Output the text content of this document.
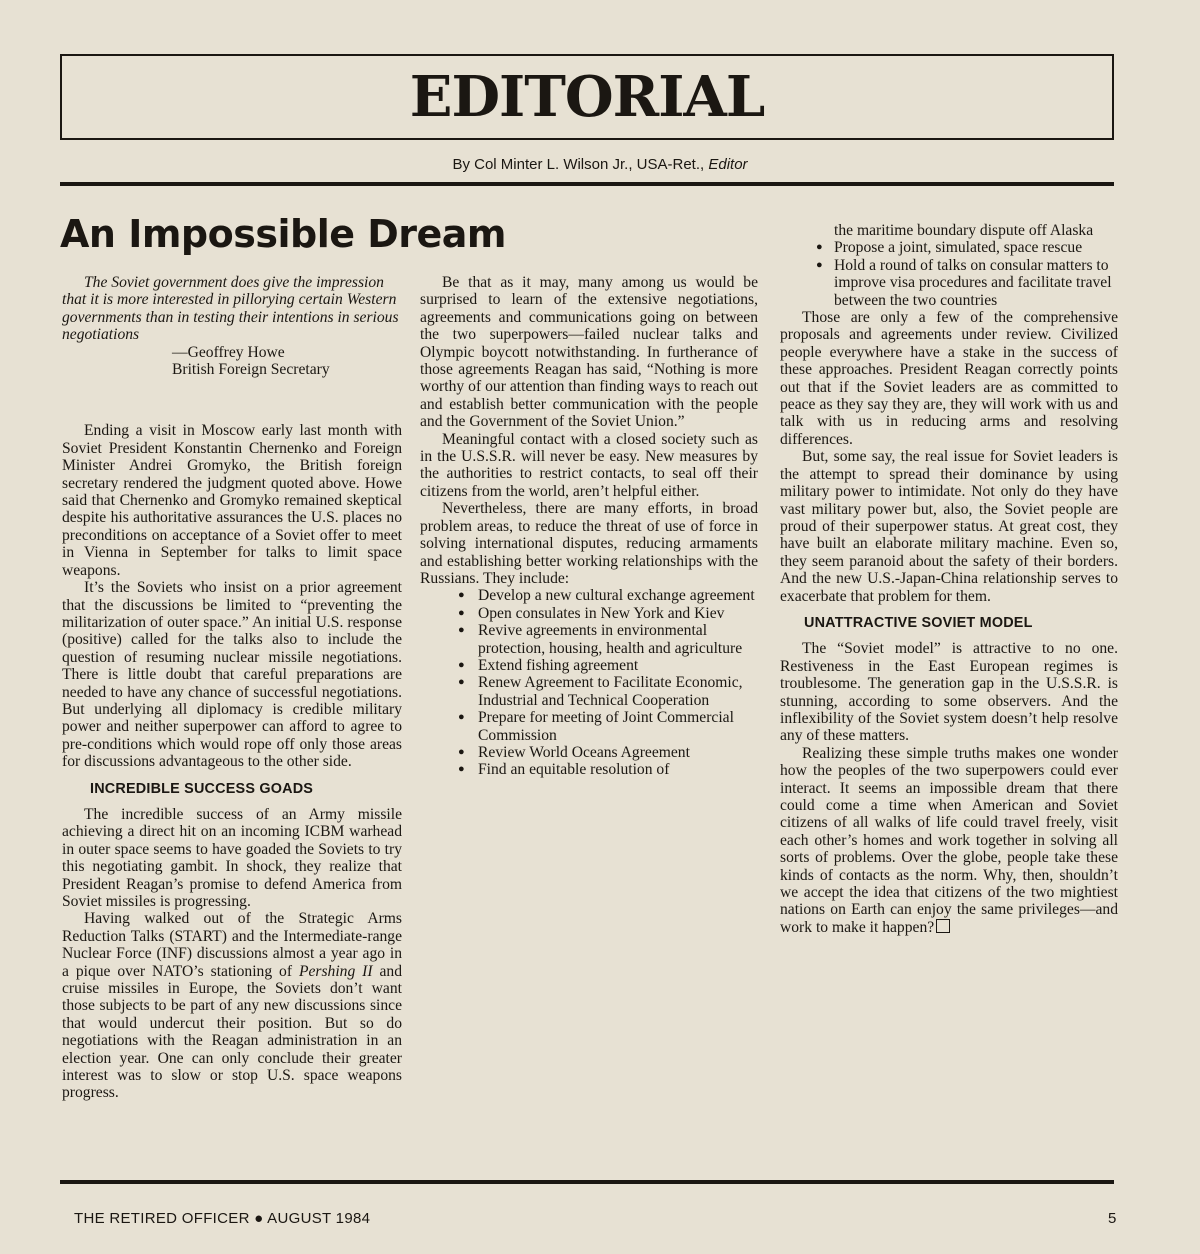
EDITORIAL
By Col Minter L. Wilson Jr., USA-Ret., Editor
An Impossible Dream

The Soviet government does give the impression that it is more interested in pillorying certain Western governments than in testing their intentions in serious negotiations

—Geoffrey Howe
British Foreign Secretary

Ending a visit in Moscow early last month with Soviet President Konstantin Chernenko and Foreign Minister Andrei Gromyko, the British foreign secretary rendered the judgment quoted above. Howe said that Chernenko and Gromyko remained skeptical despite his authoritative assurances the U.S. places no preconditions on acceptance of a Soviet offer to meet in Vienna in September for talks to limit space weapons.

It’s the Soviets who insist on a prior agreement that the discussions be limited to “preventing the militarization of outer space.” An initial U.S. response (positive) called for the talks also to include the question of resuming nuclear missile negotiations. There is little doubt that careful preparations are needed to have any chance of successful negotiations. But underlying all diplomacy is credible military power and neither superpower can afford to agree to pre-conditions which would rope off only those areas for discussions advantageous to the other side.

INCREDIBLE SUCCESS GOADS

The incredible success of an Army missile achieving a direct hit on an incoming ICBM warhead in outer space seems to have goaded the Soviets to try this negotiating gambit. In shock, they realize that President Reagan’s promise to defend America from Soviet missiles is progressing.

Having walked out of the Strategic Arms Reduction Talks (START) and the Intermediate-range Nuclear Force (INF) discussions almost a year ago in a pique over NATO’s stationing of Pershing II and cruise missiles in Europe, the Soviets don’t want those subjects to be part of any new discussions since that would undercut their position. But so do negotiations with the Reagan administration in an election year. One can only conclude their greater interest was to slow or stop U.S. space weapons progress.

Be that as it may, many among us would be surprised to learn of the extensive negotiations, agreements and communications going on between the two superpowers—failed nuclear talks and Olympic boycott notwithstanding. In furtherance of those agreements Reagan has said, “Nothing is more worthy of our attention than finding ways to reach out and establish better communication with the people and the Government of the Soviet Union.”

Meaningful contact with a closed society such as in the U.S.S.R. will never be easy. New measures by the authorities to restrict contacts, to seal off their citizens from the world, aren’t helpful either.

Nevertheless, there are many efforts, in broad problem areas, to reduce the threat of use of force in solving international disputes, reducing armaments and establishing better working relationships with the Russians. They include:

● Develop a new cultural exchange agreement
● Open consulates in New York and Kiev
● Revive agreements in environmental protection, housing, health and agriculture
● Extend fishing agreement
● Renew Agreement to Facilitate Economic, Industrial and Technical Cooperation
● Prepare for meeting of Joint Commercial Commission
● Review World Oceans Agreement
● Find an equitable resolution of
the maritime boundary dispute off Alaska
● Propose a joint, simulated, space rescue
● Hold a round of talks on consular matters to improve visa procedures and facilitate travel between the two countries

Those are only a few of the comprehensive proposals and agreements under review. Civilized people everywhere have a stake in the success of these approaches. President Reagan correctly points out that if the Soviet leaders are as committed to peace as they say they are, they will work with us and talk with us in reducing arms and resolving differences.

But, some say, the real issue for Soviet leaders is the attempt to spread their dominance by using military power to intimidate. Not only do they have vast military power but, also, the Soviet people are proud of their superpower status. At great cost, they have built an elaborate military machine. Even so, they seem paranoid about the safety of their borders. And the new U.S.-Japan-China relationship serves to exacerbate that problem for them.

UNATTRACTIVE SOVIET MODEL

The “Soviet model” is attractive to no one. Restiveness in the East European regimes is troublesome. The generation gap in the U.S.S.R. is stunning, according to some observers. And the inflexibility of the Soviet system doesn’t help resolve any of these matters.

Realizing these simple truths makes one wonder how the peoples of the two superpowers could ever interact. It seems an impossible dream that there could come a time when American and Soviet citizens of all walks of life could travel freely, visit each other’s homes and work together in solving all sorts of problems. Over the globe, people take these kinds of contacts as the norm. Why, then, shouldn’t we accept the idea that citizens of the two mightiest nations on Earth can enjoy the same privileges—and work to make it happen?

THE RETIRED OFFICER ● AUGUST 1984	5
